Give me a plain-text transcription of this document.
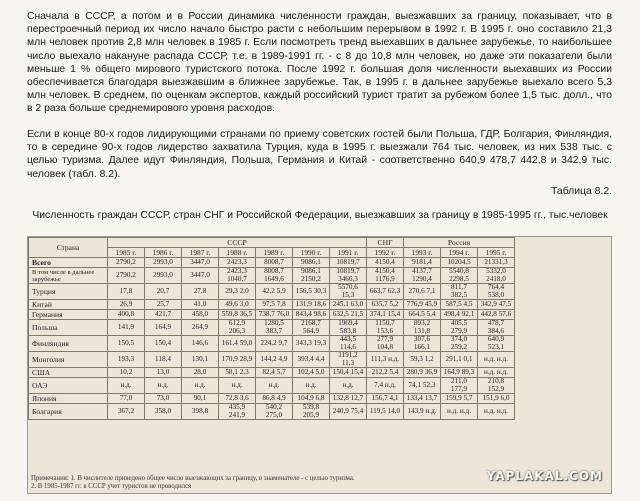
Сначала в СССР, а потом и в России динамика численности граждан, выезжавших за границу, показывает, что в перестроечный период их число начало быстро расти с небольшим перерывом в 1992 г. В 1995 г. оно составило 21,3 млн человек против 2,8 млн человек в 1985 г. Если посмотреть тренд выехавших в дальнее зарубежье, то наибольшее число выехало накануне распада СССР, т.е. в 1989-1991 гг. - с 8 до 10,8 млн человек, но даже эти показатели были меньше 1 % общего мирового туристского потока. После 1992 г. большая доля численности выехавших из России обеспечивается благодаря выезжавшим в ближнее зарубежье. Так, в 1995 г. в дальнее зарубежье выехало всего 5,3 млн человек. В среднем, по оценкам экспертов, каждый российский турист тратит за рубежом более 1,5 тыс. долл., что в 2 раза больше среднемирового уровня расходов.
Если в конце 80-х годов лидирующими странами по приему советских гостей были Польша, ГДР, Болгария, Финляндия, то в середине 90-х годов лидерство захватила Турция, куда в 1995 г. выезжали 764 тыс. человек, из них 538 тыс. с целью туризма. Далее идут Финляндия, Польша, Германия и Китай - соответственно 640,9 478,7 442,8 и 342,9 тыс. человек (табл. 8.2).
Таблица 8.2.
Численность граждан СССР, стран СНГ и Российской Федерации, выезжавших за границу в 1985-1995 гг., тыс.человек
Страна	СССР							СНГ	Россия		
	1985 г.	1986 г.	1987 г.	1988 г.	1989 г.	1990 г.	1991 г.	1992 г.	1993 г.	1994 г.	1995 г.
Всего	2790,2	2993,0	3447,0	2423,3	8008,7	9086,1	10819,7	4150,4	9181,4	10204,5	21331,3
В том числе в дальнее зарубежье	2790,2	2993,0	3447,0	2423,3 1040,7	8008,7 1649,6	9086,1 2150,2	10819,7 3466,3	4150,4 1176,9	4137,7 1290,4	5540,8 2298,5	5332,0 2418,0
Турция	17,8	20,7	27,8	29,3 2,0	42,2 5,9	156,5 30,3	5570,6 15,3	663,7 62,3	270,6 7,1	811,7 382,5	764,4 538,0
Китай	26,9	25,7	41,0	49,6 3,0	97,5 7,8	131,9 18,6	245,1 63,0	635,7 5,2	776,9 45,9	587,5 4,5	342,9 47,5
Германия	400,8	421,7	458,0	559,8 36,5	738,7 76,0	843,4 98,6	632,5 21,5	374,1 15,4	664,5 5,4	498,4 92,1	442,8 57,6
Польша	141,9	164,9	264,9	612,9 206,3	1280,5 383,7	2168,7 564,9	1969,4 583,8	1150,7 153,6	893,2 131,8	405,5 279,9	478,7 384,6
Финляндия	150,5	150,4	146,6	161,4 59,0	224,2 9,7	343,3 19,3	443,5 114,6	277,9 104,8	307,6 166,1	374,0 259,2	640,9 523,1
Монголия	193,3	118,4	130,1	170,9 28,9	144,2 4,9	393,4 4,4	1191,2 11,3	111,3 н.д.	59,3 1,2	291,1 0,1	н.д. н.д.
США	10,2	13,0	28,0	58,1 2,3	82,4 5,7	102,4 5,0	150,4 15,4	212,2 5,4	280,9 36,9	164,9 89,3	н.д. н.д.
ОАЭ	н.д.	н.д.	н.д.	н.д.	н.д.	н.д.	н.д.	7,4 н.д.	74,1 52,3	211,0 177,9	210,8 152,9
Япония	77,0	73,0	90,1	72,8 3,6	86,8 4,9	104,9 6,8	132,8 12,7	156,7 4,1	133,4 13,7	159,9 5,7	151,9 6,0
Болгария	367,2	358,0	398,8	435,9 241,9	540,2 275,0	539,8 205,9	240,9 75,4	119,5 14,0	143,9 н.д.	н.д. н.д.	н.д. н.д.
Примечания: 1. В числителе приведено общее число выезжающих за границу, в знаменателе - с целью туризма.
2. В 1985-1987 гг. в СССР учет туристов не проводился
YAPLAKAL.COM
